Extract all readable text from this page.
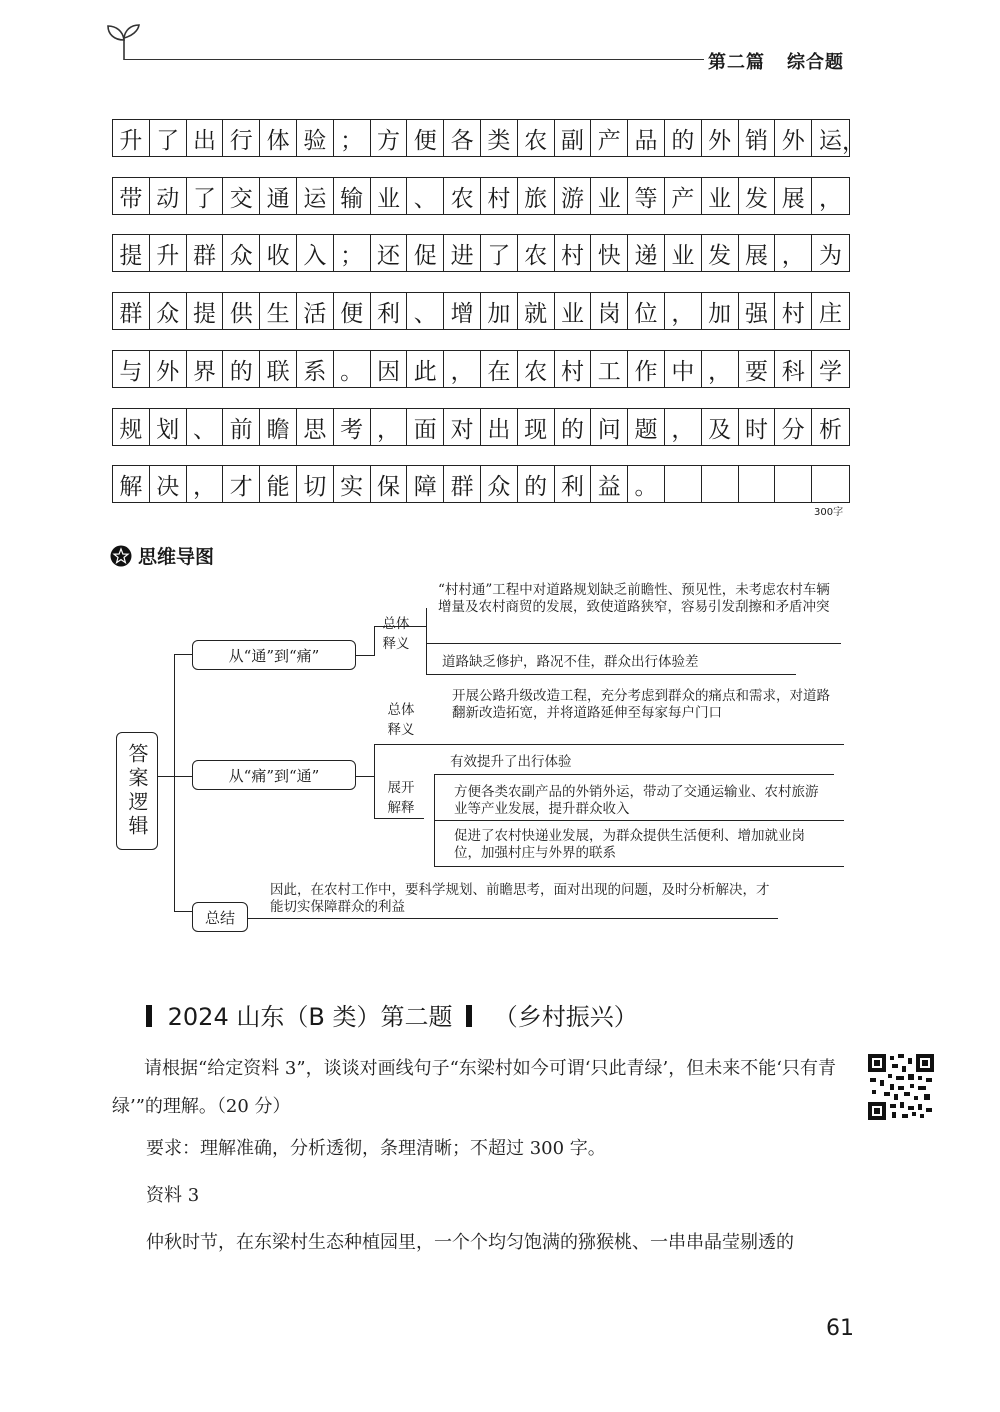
第二篇 综合题
升 了 出 行 体 验 ； 方 便 各 类 农 副 产 品 的 外 销 外 运 ，
带 动 了 交 通 运 输 业 、 农 村 旅 游 业 等 产 业 发 展 ，
提 升 群 众 收 入 ； 还 促 进 了 农 村 快 递 业 发 展 ， 为
群 众 提 供 生 活 便 利 、 增 加 就 业 岗 位 ， 加 强 村 庄
与 外 界 的 联 系 。 因 此 ， 在 农 村 工 作 中 ， 要 科 学
规 划 、 前 瞻 思 考 ， 面 对 出 现 的 问 题 ， 及 时 分 析
解 决 ， 才 能 切 实 保 障 群 众 的 利 益 。
300字
思维导图
答案逻辑
从“通”到“痛”
总体释义
“村村通”工程中对道路规划缺乏前瞻性、预见性，未考虑农村车辆增量及农村商贸的发展，致使道路狭窄，容易引发刮擦和矛盾冲突
道路缺乏修护，路况不佳，群众出行体验差
从“痛”到“通”
总体释义
开展公路升级改造工程，充分考虑到群众的痛点和需求，对道路翻新改造拓宽，并将道路延伸至每家每户门口
展开解释
有效提升了出行体验
方便各类农副产品的外销外运，带动了交通运输业、农村旅游业等产业发展，提升群众收入
促进了农村快递业发展，为群众提供生活便利、增加就业岗位，加强村庄与外界的联系
总结
因此，在农村工作中，要科学规划、前瞻思考，面对出现的问题，及时分析解决，才能切实保障群众的利益
2024 山东（B 类）第二题 （乡村振兴）
请根据“给定资料 3”，谈谈对画线句子“东梁村如今可谓‘只此青绿’，但未来不能‘只有青绿’”的理解。（20 分）
要求：理解准确，分析透彻，条理清晰；不超过 300 字。
资料 3
仲秋时节，在东梁村生态种植园里，一个个均匀饱满的猕猴桃、一串串晶莹剔透的
61
